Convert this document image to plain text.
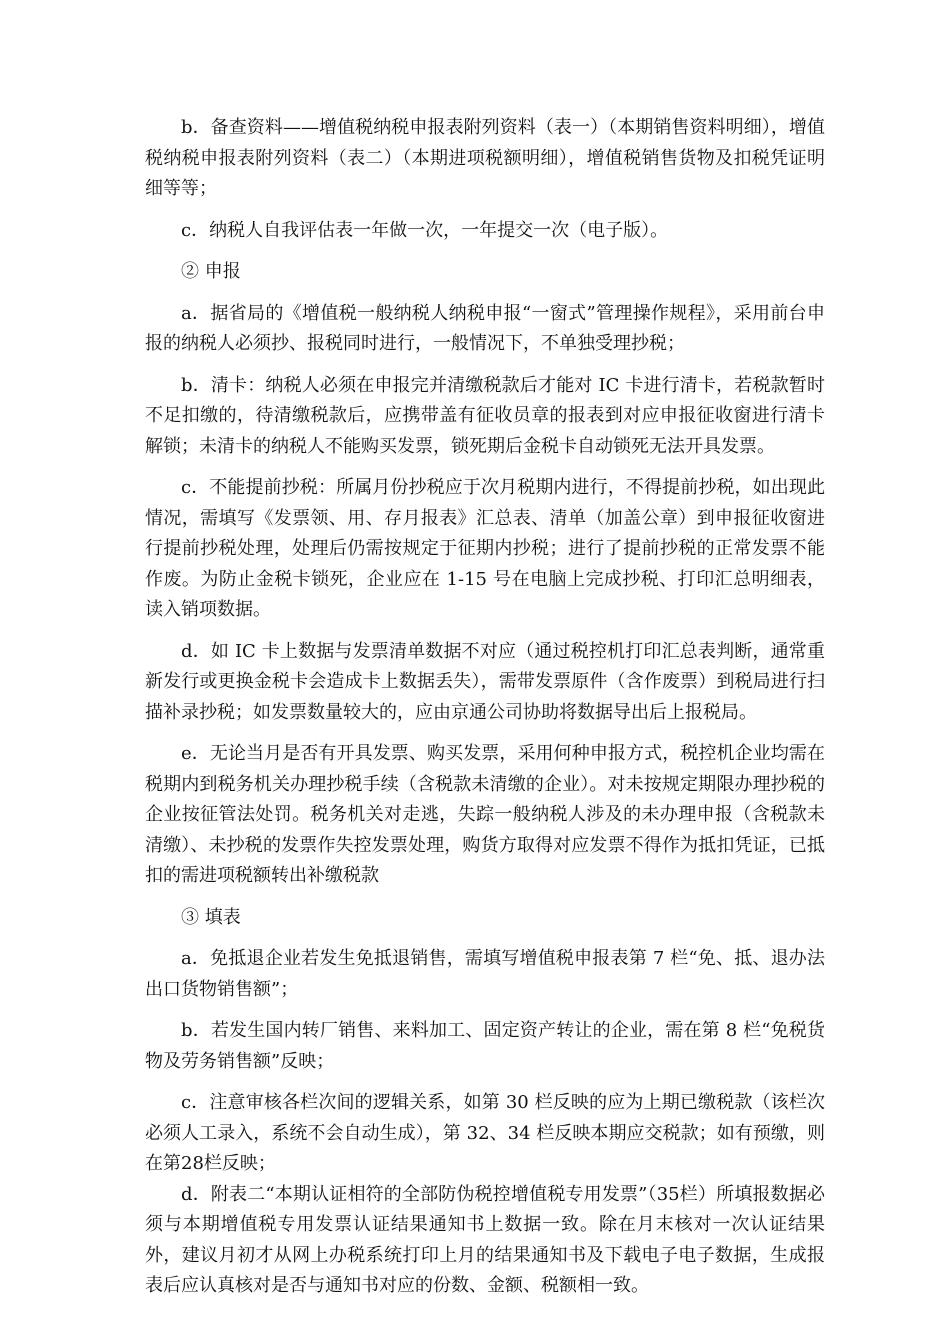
b．备查资料——增值税纳税申报表附列资料（表一）（本期销售资料明细），增值税纳税申报表附列资料（表二）（本期进项税额明细），增值税销售货物及扣税凭证明细等等；

c．纳税人自我评估表一年做一次，一年提交一次（电子版）。

② 申报

a．据省局的《增值税一般纳税人纳税申报“一窗式”管理操作规程》，采用前台申报的纳税人必须抄、报税同时进行，一般情况下，不单独受理抄税；

b．清卡：纳税人必须在申报完并清缴税款后才能对 IC 卡进行清卡，若税款暂时不足扣缴的，待清缴税款后，应携带盖有征收员章的报表到对应申报征收窗进行清卡解锁；未清卡的纳税人不能购买发票，锁死期后金税卡自动锁死无法开具发票。

c．不能提前抄税：所属月份抄税应于次月税期内进行，不得提前抄税，如出现此情况，需填写《发票领、用、存月报表》汇总表、清单（加盖公章）到申报征收窗进行提前抄税处理，处理后仍需按规定于征期内抄税；进行了提前抄税的正常发票不能作废。为防止金税卡锁死，企业应在 1-15 号在电脑上完成抄税、打印汇总明细表，读入销项数据。

d．如 IC 卡上数据与发票清单数据不对应（通过税控机打印汇总表判断，通常重新发行或更换金税卡会造成卡上数据丢失），需带发票原件（含作废票）到税局进行扫描补录抄税；如发票数量较大的，应由京通公司协助将数据导出后上报税局。

e．无论当月是否有开具发票、购买发票，采用何种申报方式，税控机企业均需在税期内到税务机关办理抄税手续（含税款未清缴的企业）。对未按规定期限办理抄税的企业按征管法处罚。税务机关对走逃，失踪一般纳税人涉及的未办理申报（含税款未清缴）、未抄税的发票作失控发票处理，购货方取得对应发票不得作为抵扣凭证，已抵扣的需进项税额转出补缴税款

③ 填表

a．免抵退企业若发生免抵退销售，需填写增值税申报表第 7 栏“免、抵、退办法出口货物销售额”；

b．若发生国内转厂销售、来料加工、固定资产转让的企业，需在第 8 栏“免税货物及劳务销售额”反映；

c．注意审核各栏次间的逻辑关系，如第 30 栏反映的应为上期已缴税款（该栏次必须人工录入，系统不会自动生成），第 32、34 栏反映本期应交税款；如有预缴，则在第28栏反映；

d．附表二“本期认证相符的全部防伪税控增值税专用发票”（35栏）所填报数据必须与本期增值税专用发票认证结果通知书上数据一致。除在月末核对一次认证结果外，建议月初才从网上办税系统打印上月的结果通知书及下载电子电子数据，生成报表后应认真核对是否与通知书对应的份数、金额、税额相一致。
